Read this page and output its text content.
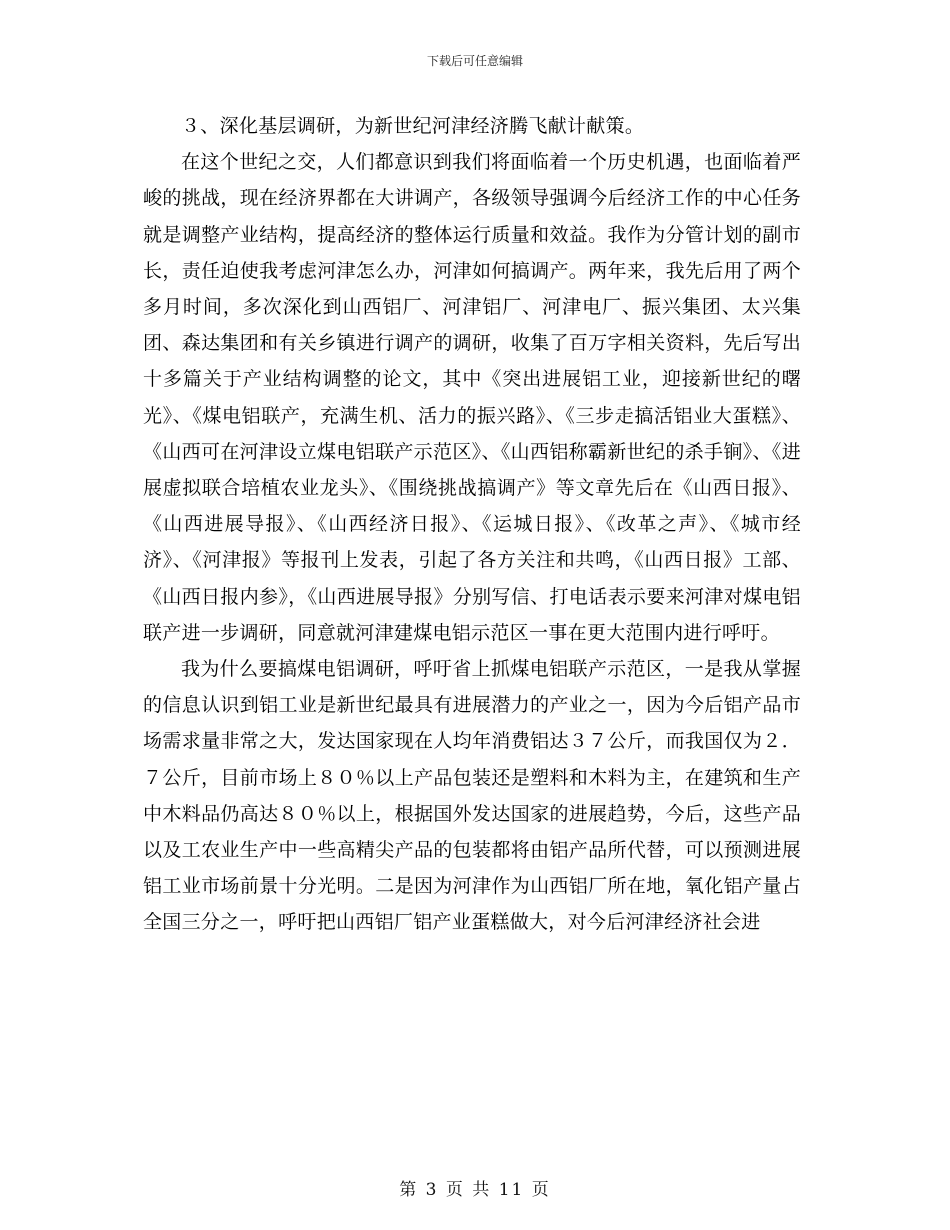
下载后可任意编辑

３、深化基层调研，为新世纪河津经济腾飞献计献策。

在这个世纪之交，人们都意识到我们将面临着一个历史机遇，也面临着严峻的挑战，现在经济界都在大讲调产，各级领导强调今后经济工作的中心任务就是调整产业结构，提高经济的整体运行质量和效益。我作为分管计划的副市长，责任迫使我考虑河津怎么办，河津如何搞调产。两年来，我先后用了两个多月时间，多次深化到山西铝厂、河津铝厂、河津电厂、振兴集团、太兴集团、森达集团和有关乡镇进行调产的调研，收集了百万字相关资料，先后写出十多篇关于产业结构调整的论文，其中《突出进展铝工业，迎接新世纪的曙光》、《煤电铝联产，充满生机、活力的振兴路》、《三步走搞活铝业大蛋糕》、《山西可在河津设立煤电铝联产示范区》、《山西铝称霸新世纪的杀手锏》、《进展虚拟联合培植农业龙头》、《围绕挑战搞调产》等文章先后在《山西日报》、《山西进展导报》、《山西经济日报》、《运城日报》、《改革之声》、《城市经济》、《河津报》等报刊上发表，引起了各方关注和共鸣，《山西日报》工部、《山西日报内参》，《山西进展导报》分别写信、打电话表示要来河津对煤电铝联产进一步调研，同意就河津建煤电铝示范区一事在更大范围内进行呼吁。

我为什么要搞煤电铝调研，呼吁省上抓煤电铝联产示范区，一是我从掌握的信息认识到铝工业是新世纪最具有进展潜力的产业之一，因为今后铝产品市场需求量非常之大，发达国家现在人均年消费铝达３７公斤，而我国仅为２．７公斤，目前市场上８０％以上产品包装还是塑料和木料为主，在建筑和生产中木料品仍高达８０％以上，根据国外发达国家的进展趋势，今后，这些产品以及工农业生产中一些高精尖产品的包装都将由铝产品所代替，可以预测进展铝工业市场前景十分光明。二是因为河津作为山西铝厂所在地，氧化铝产量占全国三分之一，呼吁把山西铝厂铝产业蛋糕做大，对今后河津经济社会进

第 3 页 共 11 页
